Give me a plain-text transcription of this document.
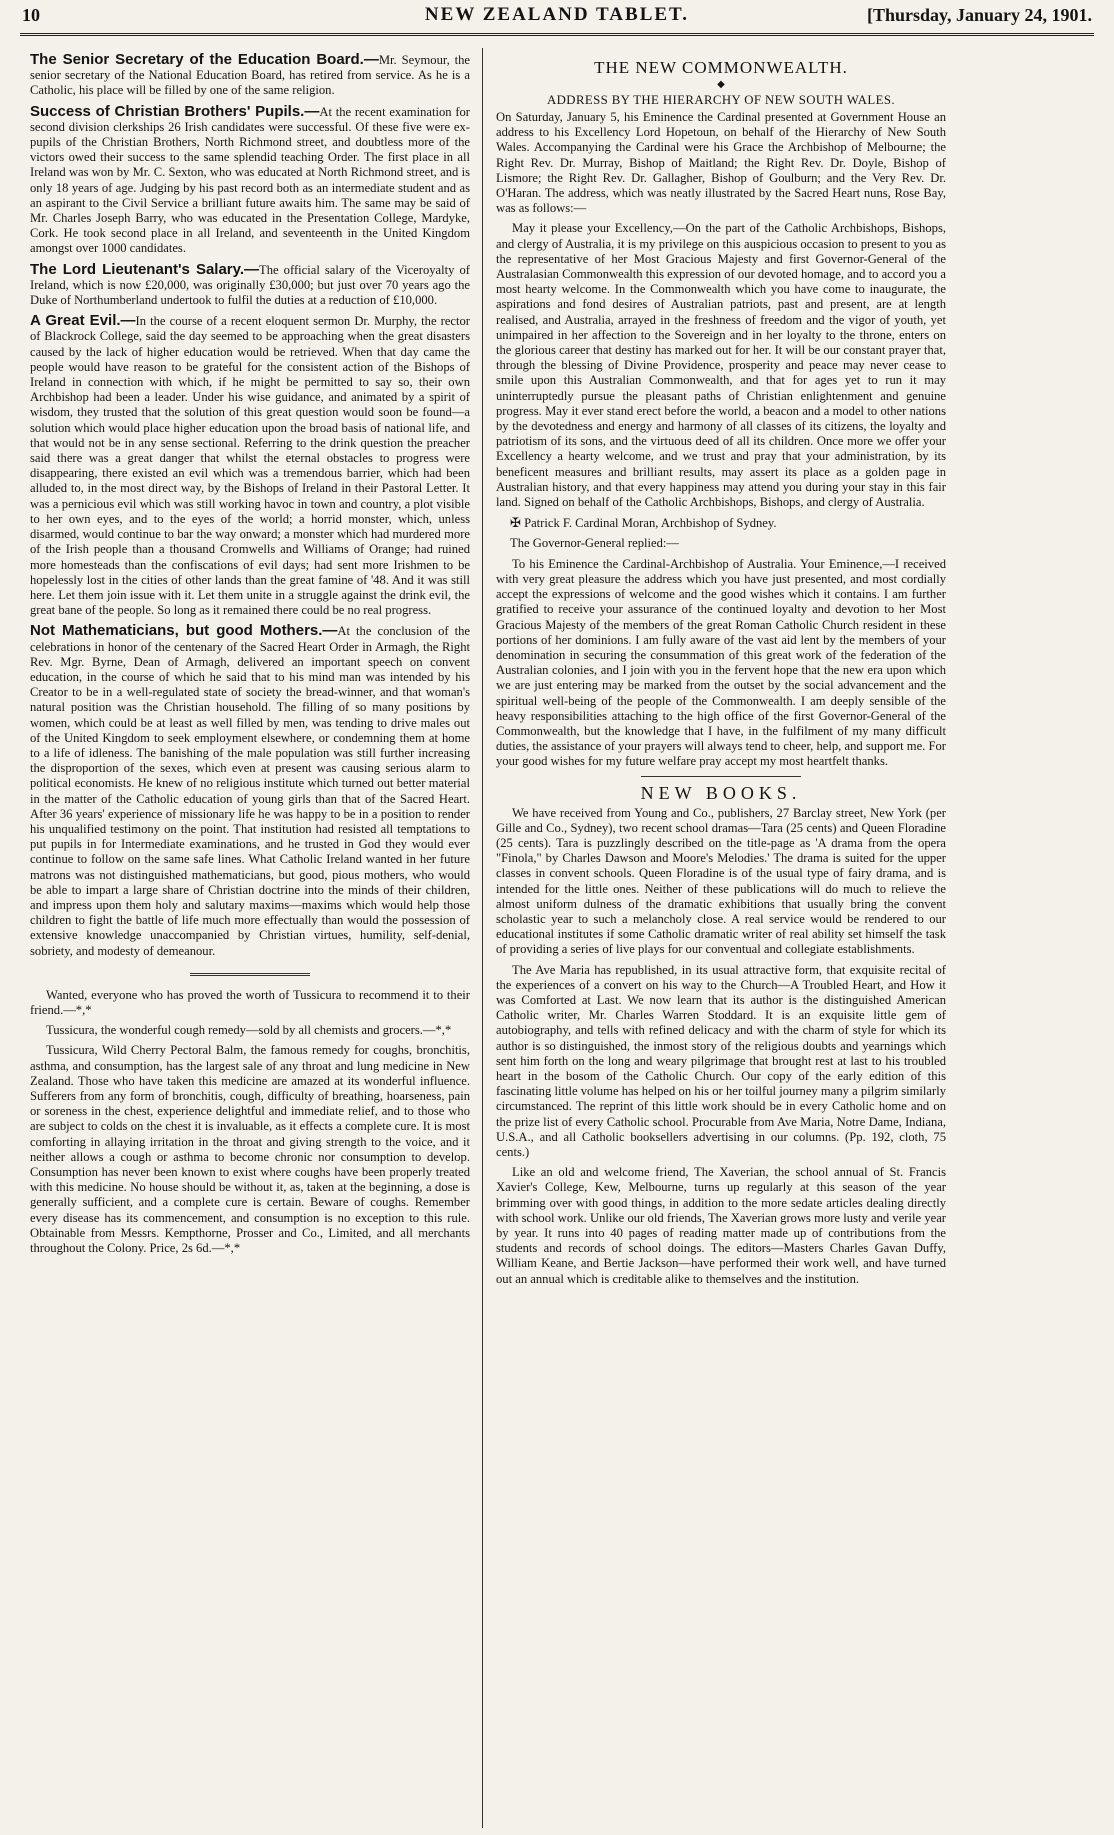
10	NEW ZEALAND TABLET.	[Thursday, January 24, 1901.

The Senior Secretary of the Education Board.—Mr. Seymour, the senior secretary of the National Education Board, has retired from service. As he is a Catholic, his place will be filled by one of the same religion.

Success of Christian Brothers' Pupils.—At the recent examination for second division clerkships 26 Irish candidates were successful. Of these five were ex-pupils of the Christian Brothers, North Richmond street, and doubtless more of the victors owed their success to the same splendid teaching Order. The first place in all Ireland was won by Mr. C. Sexton, who was educated at North Richmond street, and is only 18 years of age. Judging by his past record both as an intermediate student and as an aspirant to the Civil Service a brilliant future awaits him. The same may be said of Mr. Charles Joseph Barry, who was educated in the Presentation College, Mardyke, Cork. He took second place in all Ireland, and seventeenth in the United Kingdom amongst over 1000 candidates.

The Lord Lieutenant's Salary.—The official salary of the Viceroyalty of Ireland, which is now £20,000, was originally £30,000; but just over 70 years ago the Duke of Northumberland undertook to fulfil the duties at a reduction of £10,000.

A Great Evil.—In the course of a recent eloquent sermon Dr. Murphy, the rector of Blackrock College, said the day seemed to be approaching when the great disasters caused by the lack of higher education would be retrieved. When that day came the people would have reason to be grateful for the consistent action of the Bishops of Ireland in connection with which, if he might be permitted to say so, their own Archbishop had been a leader. Under his wise guidance, and animated by a spirit of wisdom, they trusted that the solution of this great question would soon be found—a solution which would place higher education upon the broad basis of national life, and that would not be in any sense sectional. Referring to the drink question the preacher said there was a great danger that whilst the eternal obstacles to progress were disappearing, there existed an evil which was a tremendous barrier, which had been alluded to, in the most direct way, by the Bishops of Ireland in their Pastoral Letter. It was a pernicious evil which was still working havoc in town and country, a plot visible to her own eyes, and to the eyes of the world; a horrid monster, which, unless disarmed, would continue to bar the way onward; a monster which had murdered more of the Irish people than a thousand Cromwells and Williams of Orange; had ruined more homesteads than the confiscations of evil days; had sent more Irishmen to be hopelessly lost in the cities of other lands than the great famine of '48. And it was still here. Let them join issue with it. Let them unite in a struggle against the drink evil, the great bane of the people. So long as it remained there could be no real progress.

Not Mathematicians, but good Mothers.—At the conclusion of the celebrations in honor of the centenary of the Sacred Heart Order in Armagh, the Right Rev. Mgr. Byrne, Dean of Armagh, delivered an important speech on convent education, in the course of which he said that to his mind man was intended by his Creator to be in a well-regulated state of society the bread-winner, and that woman's natural position was the Christian household. The filling of so many positions by women, which could be at least as well filled by men, was tending to drive males out of the United Kingdom to seek employment elsewhere, or condemning them at home to a life of idleness. The banishing of the male population was still further increasing the disproportion of the sexes, which even at present was causing serious alarm to political economists. He knew of no religious institute which turned out better material in the matter of the Catholic education of young girls than that of the Sacred Heart. After 36 years' experience of missionary life he was happy to be in a position to render his unqualified testimony on the point. That institution had resisted all temptations to put pupils in for Intermediate examinations, and he trusted in God they would ever continue to follow on the same safe lines. What Catholic Ireland wanted in her future matrons was not distinguished mathematicians, but good, pious mothers, who would be able to impart a large share of Christian doctrine into the minds of their children, and impress upon them holy and salutary maxims—maxims which would help those children to fight the battle of life much more effectually than would the possession of extensive knowledge unaccompanied by Christian virtues, humility, self-denial, sobriety, and modesty of demeanour.

Wanted, everyone who has proved the worth of Tussicura to recommend it to their friend.—*,*

Tussicura, the wonderful cough remedy—sold by all chemists and grocers.—*,*

Tussicura, Wild Cherry Pectoral Balm, the famous remedy for coughs, bronchitis, asthma, and consumption, has the largest sale of any throat and lung medicine in New Zealand. Those who have taken this medicine are amazed at its wonderful influence. Sufferers from any form of bronchitis, cough, difficulty of breathing, hoarseness, pain or soreness in the chest, experience delightful and immediate relief, and to those who are subject to colds on the chest it is invaluable, as it effects a complete cure. It is most comforting in allaying irritation in the throat and giving strength to the voice, and it neither allows a cough or asthma to become chronic nor consumption to develop. Consumption has never been known to exist where coughs have been properly treated with this medicine. No house should be without it, as, taken at the beginning, a dose is generally sufficient, and a complete cure is certain. Beware of coughs. Remember every disease has its commencement, and consumption is no exception to this rule. Obtainable from Messrs. Kempthorne, Prosser and Co., Limited, and all merchants throughout the Colony. Price, 2s 6d.—*,*

THE NEW COMMONWEALTH.
◆
ADDRESS BY THE HIERARCHY OF NEW SOUTH WALES.

On Saturday, January 5, his Eminence the Cardinal presented at Government House an address to his Excellency Lord Hopetoun, on behalf of the Hierarchy of New South Wales. Accompanying the Cardinal were his Grace the Archbishop of Melbourne; the Right Rev. Dr. Murray, Bishop of Maitland; the Right Rev. Dr. Doyle, Bishop of Lismore; the Right Rev. Dr. Gallagher, Bishop of Goulburn; and the Very Rev. Dr. O'Haran. The address, which was neatly illustrated by the Sacred Heart nuns, Rose Bay, was as follows:—

May it please your Excellency,—On the part of the Catholic Archbishops, Bishops, and clergy of Australia, it is my privilege on this auspicious occasion to present to you as the representative of her Most Gracious Majesty and first Governor-General of the Australasian Commonwealth this expression of our devoted homage, and to accord you a most hearty welcome. In the Commonwealth which you have come to inaugurate, the aspirations and fond desires of Australian patriots, past and present, are at length realised, and Australia, arrayed in the freshness of freedom and the vigor of youth, yet unimpaired in her affection to the Sovereign and in her loyalty to the throne, enters on the glorious career that destiny has marked out for her. It will be our constant prayer that, through the blessing of Divine Providence, prosperity and peace may never cease to smile upon this Australian Commonwealth, and that for ages yet to run it may uninterruptedly pursue the pleasant paths of Christian enlightenment and genuine progress. May it ever stand erect before the world, a beacon and a model to other nations by the devotedness and energy and harmony of all classes of its citizens, the loyalty and patriotism of its sons, and the virtuous deed of all its children. Once more we offer your Excellency a hearty welcome, and we trust and pray that your administration, by its beneficent measures and brilliant results, may assert its place as a golden page in Australian history, and that every happiness may attend you during your stay in this fair land. Signed on behalf of the Catholic Archbishops, Bishops, and clergy of Australia.

✠ Patrick F. Cardinal Moran, Archbishop of Sydney.

The Governor-General replied:—

To his Eminence the Cardinal-Archbishop of Australia. Your Eminence,—I received with very great pleasure the address which you have just presented, and most cordially accept the expressions of welcome and the good wishes which it contains. I am further gratified to receive your assurance of the continued loyalty and devotion to her Most Gracious Majesty of the members of the great Roman Catholic Church resident in these portions of her dominions. I am fully aware of the vast aid lent by the members of your denomination in securing the consummation of this great work of the federation of the Australian colonies, and I join with you in the fervent hope that the new era upon which we are just entering may be marked from the outset by the social advancement and the spiritual well-being of the people of the Commonwealth. I am deeply sensible of the heavy responsibilities attaching to the high office of the first Governor-General of the Commonwealth, but the knowledge that I have, in the fulfilment of my many difficult duties, the assistance of your prayers will always tend to cheer, help, and support me. For your good wishes for my future welfare pray accept my most heartfelt thanks.

NEW BOOKS.

We have received from Young and Co., publishers, 27 Barclay street, New York (per Gille and Co., Sydney), two recent school dramas—Tara (25 cents) and Queen Floradine (25 cents). Tara is puzzlingly described on the title-page as 'A drama from the opera "Finola," by Charles Dawson and Moore's Melodies.' The drama is suited for the upper classes in convent schools. Queen Floradine is of the usual type of fairy drama, and is intended for the little ones. Neither of these publications will do much to relieve the almost uniform dulness of the dramatic exhibitions that usually bring the convent scholastic year to such a melancholy close. A real service would be rendered to our educational institutes if some Catholic dramatic writer of real ability set himself the task of providing a series of live plays for our conventual and collegiate establishments.

The Ave Maria has republished, in its usual attractive form, that exquisite recital of the experiences of a convert on his way to the Church—A Troubled Heart, and How it was Comforted at Last. We now learn that its author is the distinguished American Catholic writer, Mr. Charles Warren Stoddard. It is an exquisite little gem of autobiography, and tells with refined delicacy and with the charm of style for which its author is so distinguished, the inmost story of the religious doubts and yearnings which sent him forth on the long and weary pilgrimage that brought rest at last to his troubled heart in the bosom of the Catholic Church. Our copy of the early edition of this fascinating little volume has helped on his or her toilful journey many a pilgrim similarly circumstanced. The reprint of this little work should be in every Catholic home and on the prize list of every Catholic school. Procurable from Ave Maria, Notre Dame, Indiana, U.S.A., and all Catholic booksellers advertising in our columns. (Pp. 192, cloth, 75 cents.)

Like an old and welcome friend, The Xaverian, the school annual of St. Francis Xavier's College, Kew, Melbourne, turns up regularly at this season of the year brimming over with good things, in addition to the more sedate articles dealing directly with school work. Unlike our old friends, The Xaverian grows more lusty and verile year by year. It runs into 40 pages of reading matter made up of contributions from the students and records of school doings. The editors—Masters Charles Gavan Duffy, William Keane, and Bertie Jackson—have performed their work well, and have turned out an annual which is creditable alike to themselves and the institution.
